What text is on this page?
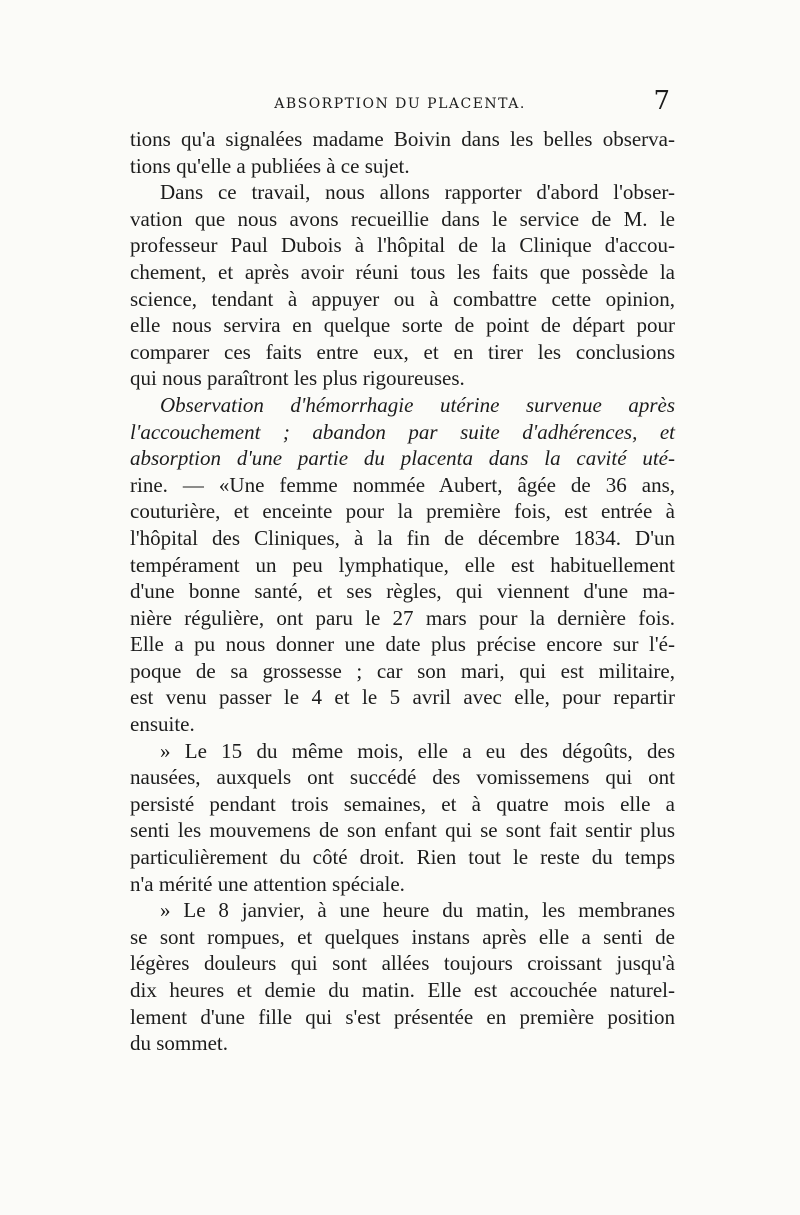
ABSORPTION DU PLACENTA.	7
tions qu'a signalées madame Boivin dans les belles observa-
tions qu'elle a publiées à ce sujet.
Dans ce travail, nous allons rapporter d'abord l'obser-
vation que nous avons recueillie dans le service de M. le
professeur Paul Dubois à l'hôpital de la Clinique d'accou-
chement, et après avoir réuni tous les faits que possède la
science, tendant à appuyer ou à combattre cette opinion,
elle nous servira en quelque sorte de point de départ pour
comparer ces faits entre eux, et en tirer les conclusions
qui nous paraîtront les plus rigoureuses.
Observation d'hémorrhagie utérine survenue après
l'accouchement ; abandon par suite d'adhérences, et
absorption d'une partie du placenta dans la cavité uté-
rine. — «Une femme nommée Aubert, âgée de 36 ans,
couturière, et enceinte pour la première fois, est entrée à
l'hôpital des Cliniques, à la fin de décembre 1834. D'un
tempérament un peu lymphatique, elle est habituellement
d'une bonne santé, et ses règles, qui viennent d'une ma-
nière régulière, ont paru le 27 mars pour la dernière fois.
Elle a pu nous donner une date plus précise encore sur l'é-
poque de sa grossesse ; car son mari, qui est militaire,
est venu passer le 4 et le 5 avril avec elle, pour repartir
ensuite.
» Le 15 du même mois, elle a eu des dégoûts, des
nausées, auxquels ont succédé des vomissemens qui ont
persisté pendant trois semaines, et à quatre mois elle a
senti les mouvemens de son enfant qui se sont fait sentir plus
particulièrement du côté droit. Rien tout le reste du temps
n'a mérité une attention spéciale.
» Le 8 janvier, à une heure du matin, les membranes
se sont rompues, et quelques instans après elle a senti de
légères douleurs qui sont allées toujours croissant jusqu'à
dix heures et demie du matin. Elle est accouchée naturel-
lement d'une fille qui s'est présentée en première position
du sommet.
